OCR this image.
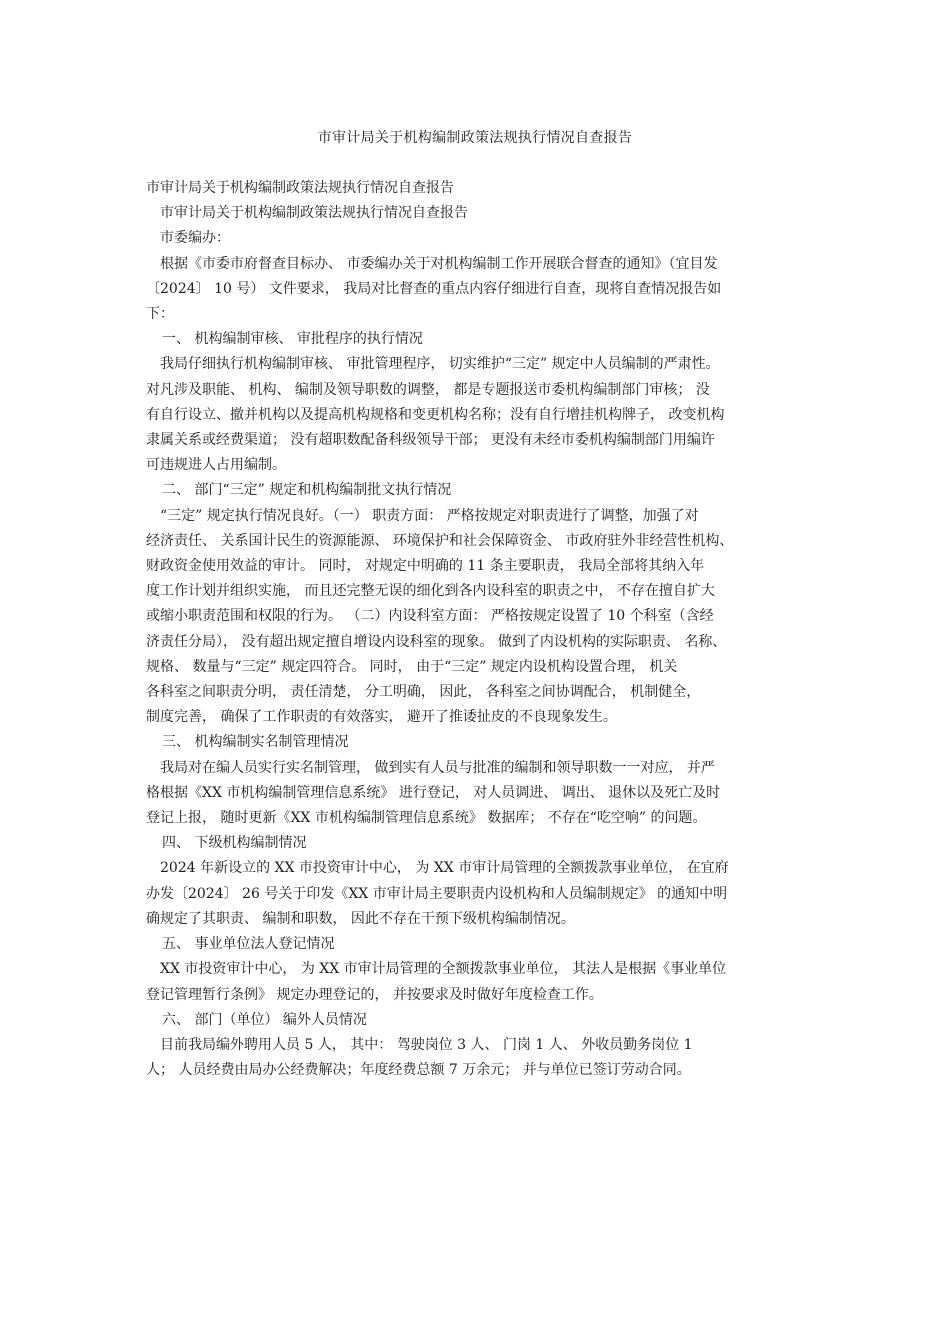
市审计局关于机构编制政策法规执行情况自查报告
市审计局关于机构编制政策法规执行情况自查报告
市审计局关于机构编制政策法规执行情况自查报告
市委编办：
根据《市委市府督查目标办、 市委编办关于对机构编制工作开展联合督查的通知》（宜目发
〔2024〕 10 号） 文件要求， 我局对比督查的重点内容仔细进行自查，现将自查情况报告如
下：
一、 机构编制审核、 审批程序的执行情况
我局仔细执行机构编制审核、 审批管理程序， 切实维护“三定” 规定中人员编制的严肃性。
对凡涉及职能、 机构、 编制及领导职数的调整， 都是专题报送市委机构编制部门审核； 没
有自行设立、撤并机构以及提高机构规格和变更机构名称；没有自行增挂机构牌子， 改变机构
隶属关系或经费渠道； 没有超职数配备科级领导干部； 更没有未经市委机构编制部门用编许
可违规进人占用编制。
二、 部门“三定” 规定和机构编制批文执行情况
“三定” 规定执行情况良好。（一） 职责方面： 严格按规定对职责进行了调整，加强了对
经济责任、 关系国计民生的资源能源、 环境保护和社会保障资金、 市政府驻外非经营性机构、
财政资金使用效益的审计。 同时， 对规定中明确的 11 条主要职责， 我局全部将其纳入年
度工作计划并组织实施， 而且还完整无误的细化到各内设科室的职责之中， 不存在擅自扩大
或缩小职责范围和权限的行为。 （二）内设科室方面： 严格按规定设置了 10 个科室（含经
济责任分局）， 没有超出规定擅自增设内设科室的现象。 做到了内设机构的实际职责、 名称、
规格、 数量与“三定” 规定四符合。 同时， 由于“三定” 规定内设机构设置合理， 机关
各科室之间职责分明， 责任清楚， 分工明确， 因此， 各科室之间协调配合， 机制健全，
制度完善， 确保了工作职责的有效落实， 避开了推诿扯皮的不良现象发生。
三、 机构编制实名制管理情况
我局对在编人员实行实名制管理， 做到实有人员与批准的编制和领导职数一一对应， 并严
格根据《XX 市机构编制管理信息系统》 进行登记， 对人员调进、 调出、 退休以及死亡及时
登记上报， 随时更新《XX 市机构编制管理信息系统》 数据库； 不存在“吃空响” 的问题。
四、 下级机构编制情况
2024 年新设立的 XX 市投资审计中心， 为 XX 市审计局管理的全额拨款事业单位， 在宜府
办发〔2024〕 26 号关于印发《XX 市审计局主要职责内设机构和人员编制规定》 的通知中明
确规定了其职责、 编制和职数， 因此不存在干预下级机构编制情况。
五、 事业单位法人登记情况
XX 市投资审计中心， 为 XX 市审计局管理的全额拨款事业单位， 其法人是根据《事业单位
登记管理暂行条例》 规定办理登记的， 并按要求及时做好年度检查工作。
六、 部门（单位） 编外人员情况
目前我局编外聘用人员 5 人， 其中： 驾驶岗位 3 人、 门岗 1 人、 外收员勤务岗位 1
人； 人员经费由局办公经费解决；年度经费总额 7 万余元； 并与单位已签订劳动合同。
